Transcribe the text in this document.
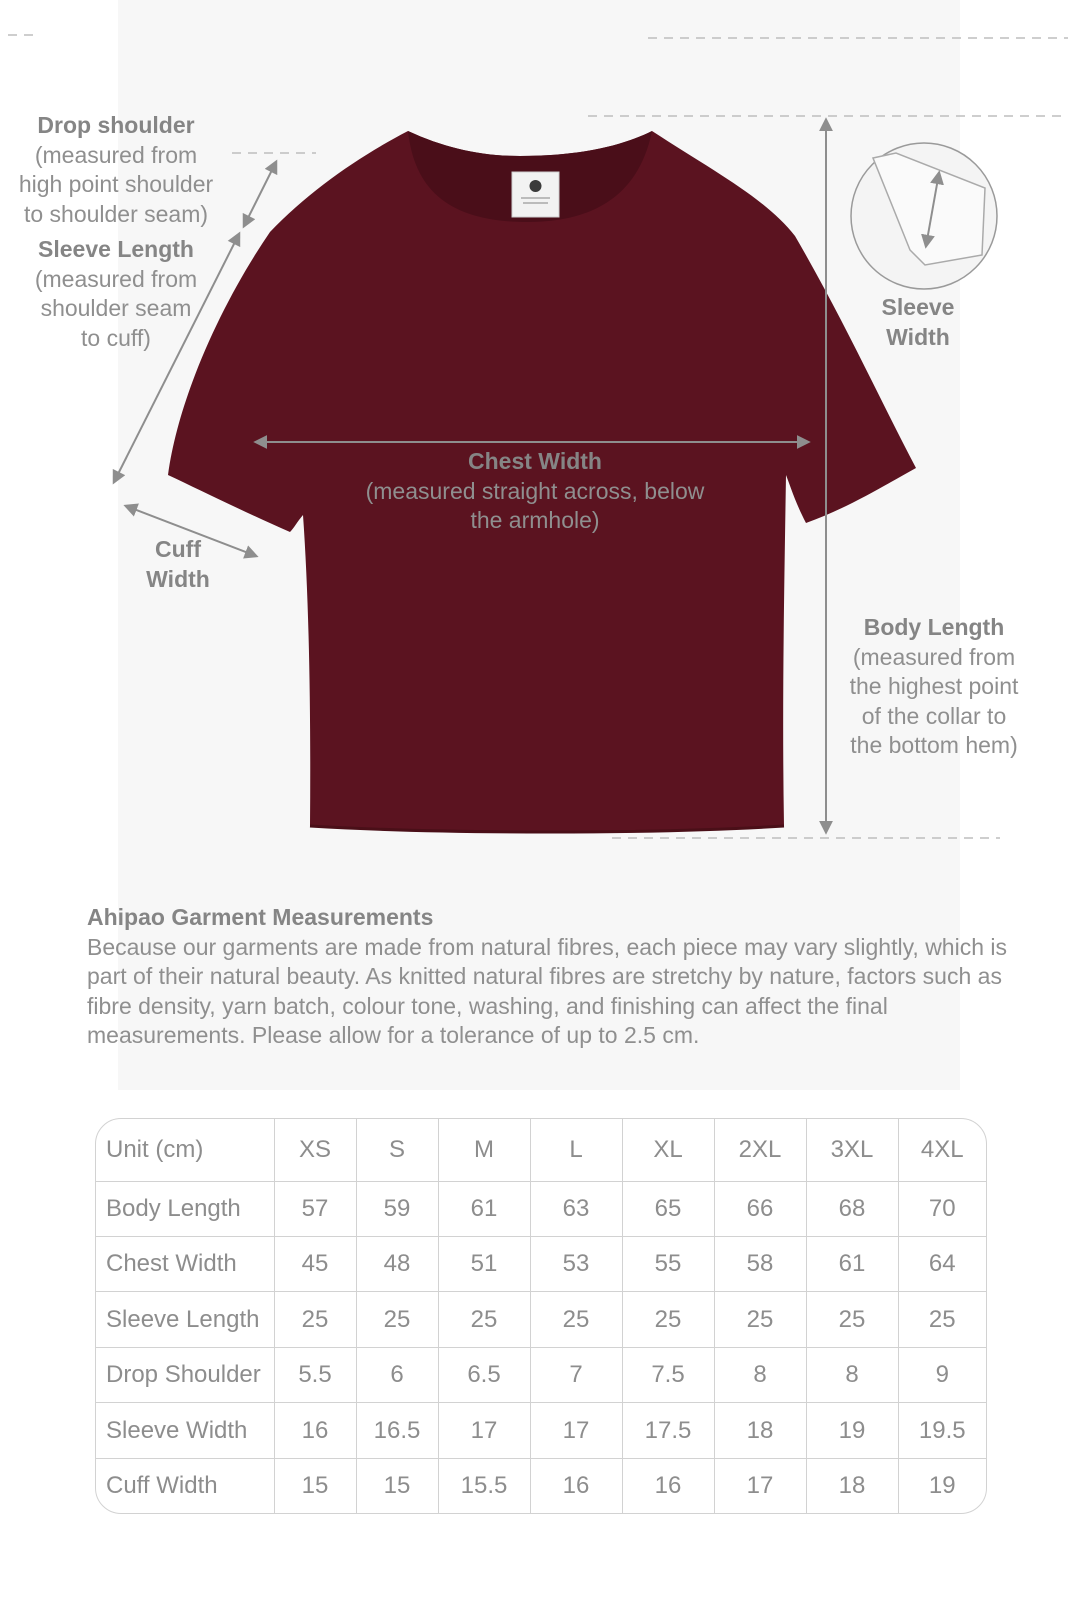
Drop shoulder
(measured from
high point shoulder
to shoulder seam)
Sleeve Length
(measured from
shoulder seam
to cuff)
Sleeve
Width
Chest Width
(measured straight across, below
the armhole)
Cuff
Width
Body Length
(measured from
the highest point
of the collar to
the bottom hem)
Ahipao Garment Measurements
Because our garments are made from natural fibres, each piece may vary slightly, which is part of their natural beauty. As knitted natural fibres are stretchy by nature, factors such as fibre density, yarn batch, colour tone, washing, and finishing can affect the final measurements. Please allow for a tolerance of up to 2.5 cm.
Unit (cm)	XS	S	M	L	XL	2XL	3XL	4XL
Body Length	57	59	61	63	65	66	68	70
Chest Width	45	48	51	53	55	58	61	64
Sleeve Length	25	25	25	25	25	25	25	25
Drop Shoulder	5.5	6	6.5	7	7.5	8	8	9
Sleeve Width	16	16.5	17	17	17.5	18	19	19.5
Cuff Width	15	15	15.5	16	16	17	18	19
